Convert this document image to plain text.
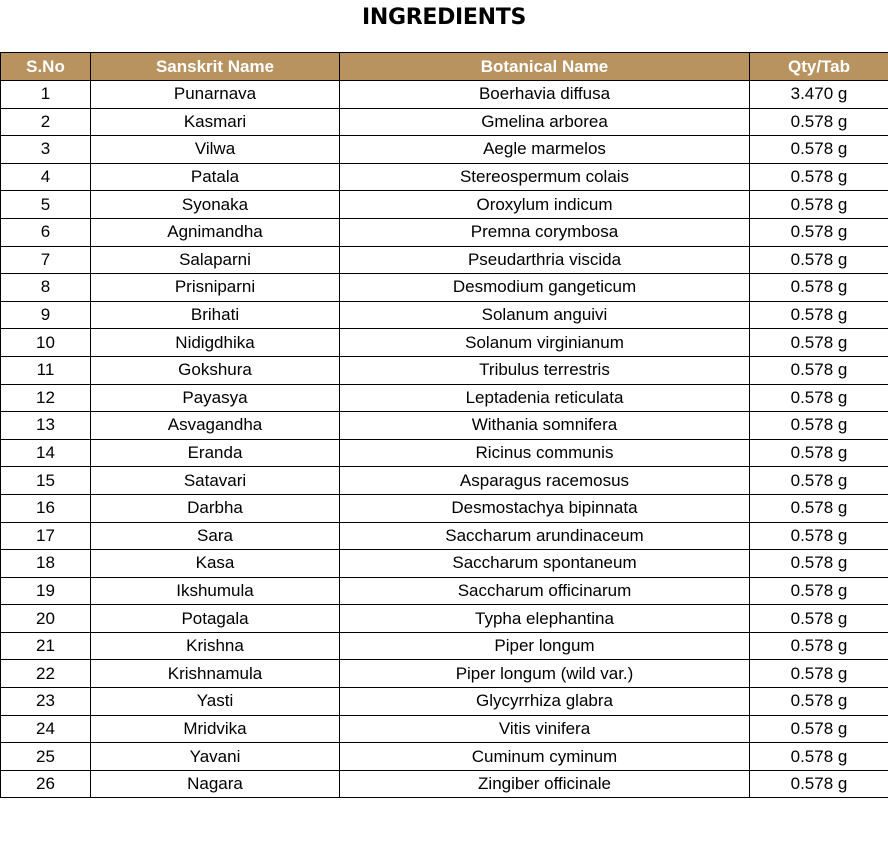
INGREDIENTS
S.No	Sanskrit Name	Botanical Name	Qty/Tab
1	Punarnava	Boerhavia diffusa	3.470 g
2	Kasmari	Gmelina arborea	0.578 g
3	Vilwa	Aegle marmelos	0.578 g
4	Patala	Stereospermum colais	0.578 g
5	Syonaka	Oroxylum indicum	0.578 g
6	Agnimandha	Premna corymbosa	0.578 g
7	Salaparni	Pseudarthria viscida	0.578 g
8	Prisniparni	Desmodium gangeticum	0.578 g
9	Brihati	Solanum anguivi	0.578 g
10	Nidigdhika	Solanum virginianum	0.578 g
11	Gokshura	Tribulus terrestris	0.578 g
12	Payasya	Leptadenia reticulata	0.578 g
13	Asvagandha	Withania somnifera	0.578 g
14	Eranda	Ricinus communis	0.578 g
15	Satavari	Asparagus racemosus	0.578 g
16	Darbha	Desmostachya bipinnata	0.578 g
17	Sara	Saccharum arundinaceum	0.578 g
18	Kasa	Saccharum spontaneum	0.578 g
19	Ikshumula	Saccharum officinarum	0.578 g
20	Potagala	Typha elephantina	0.578 g
21	Krishna	Piper longum	0.578 g
22	Krishnamula	Piper longum (wild var.)	0.578 g
23	Yasti	Glycyrrhiza glabra	0.578 g
24	Mridvika	Vitis vinifera	0.578 g
25	Yavani	Cuminum cyminum	0.578 g
26	Nagara	Zingiber officinale	0.578 g
